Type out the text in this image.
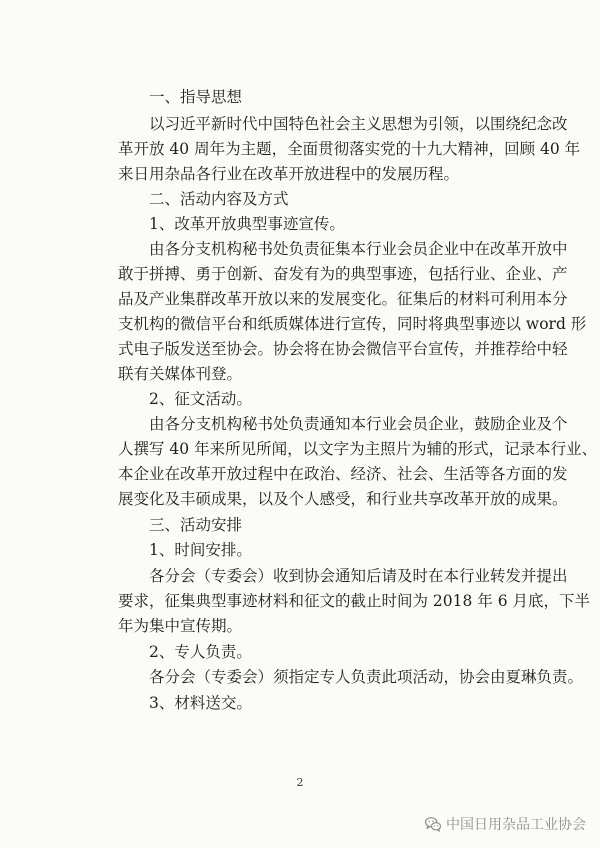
一、指导思想
以习近平新时代中国特色社会主义思想为引领，以围绕纪念改
革开放 40 周年为主题，全面贯彻落实党的十九大精神，回顾 40 年
来日用杂品各行业在改革开放进程中的发展历程。
二、活动内容及方式
1、改革开放典型事迹宣传。
由各分支机构秘书处负责征集本行业会员企业中在改革开放中
敢于拼搏、勇于创新、奋发有为的典型事迹，包括行业、企业、产
品及产业集群改革开放以来的发展变化。征集后的材料可利用本分
支机构的微信平台和纸质媒体进行宣传，同时将典型事迹以 word 形
式电子版发送至协会。协会将在协会微信平台宣传，并推荐给中轻
联有关媒体刊登。
2、征文活动。
由各分支机构秘书处负责通知本行业会员企业，鼓励企业及个
人撰写 40 年来所见所闻，以文字为主照片为辅的形式，记录本行业、
本企业在改革开放过程中在政治、经济、社会、生活等各方面的发
展变化及丰硕成果，以及个人感受，和行业共享改革开放的成果。
三、活动安排
1、时间安排。
各分会（专委会）收到协会通知后请及时在本行业转发并提出
要求，征集典型事迹材料和征文的截止时间为 2018 年 6 月底，下半
年为集中宣传期。
2、专人负责。
各分会（专委会）须指定专人负责此项活动，协会由夏琳负责。
3、材料送交。
2
中国日用杂品工业协会
